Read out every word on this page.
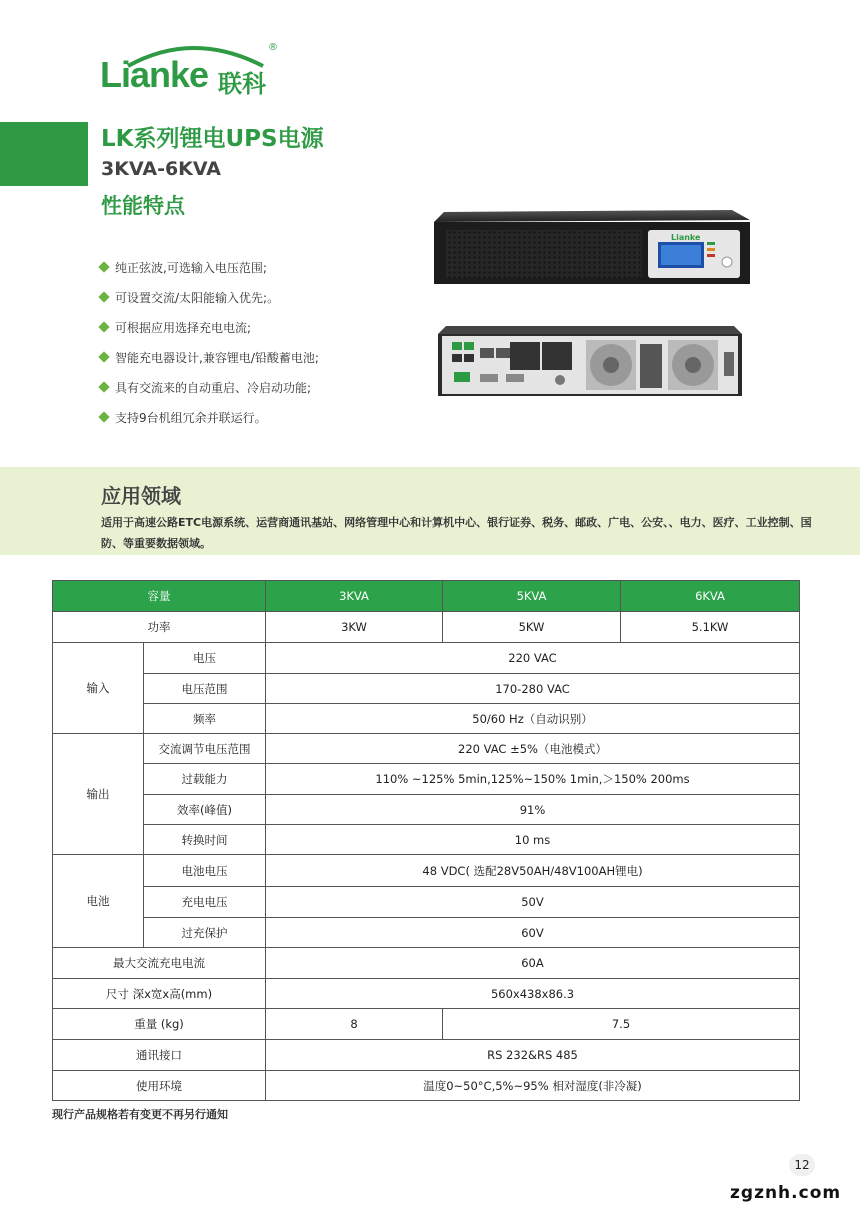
Lianke 联科
®
LK系列锂电UPS电源
3KVA-6KVA
性能特点
纯正弦波,可选输入电压范围;
可设置交流/太阳能输入优先;。
可根据应用选择充电电流;
智能充电器设计,兼容锂电/铅酸蓄电池;
具有交流来的自动重启、冷启动功能;
支持9台机组冗余并联运行。
Lianke
应用领域
适用于高速公路ETC电源系统、运营商通讯基站、网络管理中心和计算机中心、银行证券、税务、邮政、广电、公安、、电力、医疗、工业控制、国防、等重要数据领域。
容量		3KVA	5KVA	6KVA
功率		3KW	5KW	5.1KW
输入	电压	220 VAC		
	电压范围	170-280 VAC		
	频率	50/60 Hz（自动识别）		
输出	交流调节电压范围	220 VAC ±5%（电池模式）		
	过载能力	110% ~125% 5min,125%~150% 1min,＞150% 200ms		
	效率(峰值)	91%		
	转换时间	10 ms		
电池	电池电压	48 VDC( 选配28V50AH/48V100AH锂电)		
	充电电压	50V		
	过充保护	60V		
最大交流充电电流		60A		
尺寸 深x宽x高(mm)		560x438x86.3		
重量 (kg)		8	7.5	
通讯接口		RS 232&RS 485		
使用环境		温度0~50°C,5%~95% 相对湿度(非冷凝)		
现行产品规格若有变更不再另行通知
12
zgznh.com
